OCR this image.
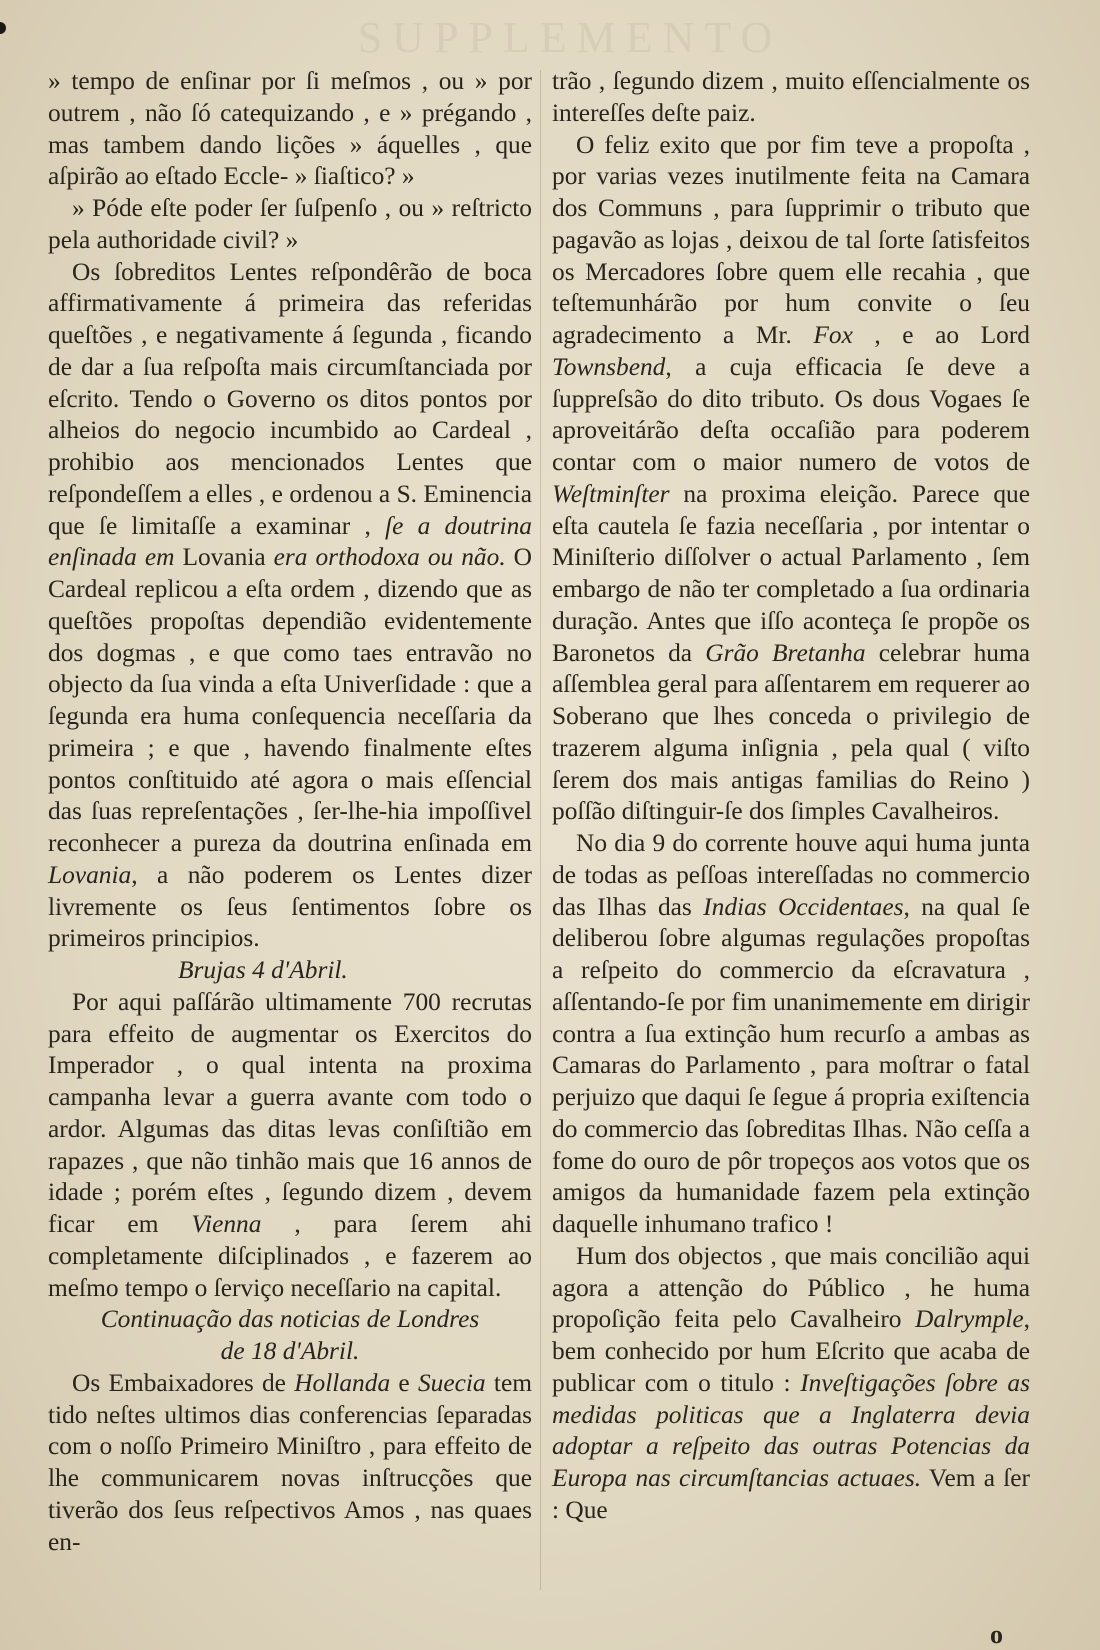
SUPPLEMENTO

» tempo de enſinar por ſi meſmos , ou » por outrem , não ſó catequizando , e » prégando , mas tambem dando lições » áquelles , que aſpirão ao eſtado Eccle- » ſiaſtico? »

» Póde eſte poder ſer ſuſpenſo , ou » reſtricto pela authoridade civil? »

Os ſobreditos Lentes reſpondêrão de boca affirmativamente á primeira das referidas queſtões , e negativamente á ſegunda , ficando de dar a ſua reſpoſta mais circumſtanciada por eſcrito. Tendo o Governo os ditos pontos por alheios do negocio incumbido ao Cardeal , prohibio aos mencionados Lentes que reſpondeſſem a elles , e ordenou a S. Eminencia que ſe limitaſſe a examinar , ſe a doutrina enſinada em Lovania era orthodoxa ou não. O Cardeal replicou a eſta ordem , dizendo que as queſtões propoſtas dependião evidentemente dos dogmas , e que como taes entravão no objecto da ſua vinda a eſta Univerſidade : que a ſegunda era huma conſequencia neceſſaria da primeira ; e que , havendo finalmente eſtes pontos conſtituido até agora o mais eſſencial das ſuas repreſentações , ſer-lhe-hia impoſſivel reconhecer a pureza da doutrina enſinada em Lovania, a não poderem os Lentes dizer livremente os ſeus ſentimentos ſobre os primeiros principios.

Brujas 4 d'Abril.

Por aqui paſſárão ultimamente 700 recrutas para effeito de augmentar os Exercitos do Imperador , o qual intenta na proxima campanha levar a guerra avante com todo o ardor. Algumas das ditas levas conſiſtião em rapazes , que não tinhão mais que 16 annos de idade ; porém eſtes , ſegundo dizem , devem ficar em Vienna , para ſerem ahi completamente diſciplinados , e fazerem ao meſmo tempo o ſerviço neceſſario na capital.

Continuação das noticias de Londres

de 18 d'Abril.

Os Embaixadores de Hollanda e Suecia tem tido neſtes ultimos dias conferencias ſeparadas com o noſſo Primeiro Miniſtro , para effeito de lhe communicarem novas inſtrucções que tiverão dos ſeus reſpectivos Amos , nas quaes en-

trão , ſegundo dizem , muito eſſencialmente os intereſſes deſte paiz.

O feliz exito que por fim teve a propoſta , por varias vezes inutilmente feita na Camara dos Communs , para ſupprimir o tributo que pagavão as lojas , deixou de tal ſorte ſatisfeitos os Mercadores ſobre quem elle recahia , que teſtemunhárão por hum convite o ſeu agradecimento a Mr. Fox , e ao Lord Townsbend, a cuja efficacia ſe deve a ſuppreſsão do dito tributo. Os dous Vogaes ſe aproveitárão deſta occaſião para poderem contar com o maior numero de votos de Weſtminſter na proxima eleição. Parece que eſta cautela ſe fazia neceſſaria , por intentar o Miniſterio diſſolver o actual Parlamento , ſem embargo de não ter completado a ſua ordinaria duração. Antes que iſſo aconteça ſe propõe os Baronetos da Grão Bretanha celebrar huma aſſemblea geral para aſſentarem em requerer ao Soberano que lhes conceda o privilegio de trazerem alguma inſignia , pela qual ( viſto ſerem dos mais antigas familias do Reino ) poſſão diſtinguir-ſe dos ſimples Cavalheiros.

No dia 9 do corrente houve aqui huma junta de todas as peſſoas intereſſadas no commercio das Ilhas das Indias Occidentaes, na qual ſe deliberou ſobre algumas regulações propoſtas a reſpeito do commercio da eſcravatura , aſſentando-ſe por fim unanimemente em dirigir contra a ſua extinção hum recurſo a ambas as Camaras do Parlamento , para moſtrar o fatal perjuizo que daqui ſe ſegue á propria exiſtencia do commercio das ſobreditas Ilhas. Não ceſſa a fome do ouro de pôr tropeços aos votos que os amigos da humanidade fazem pela extinção daquelle inhumano trafico !

Hum dos objectos , que mais concilião aqui agora a attenção do Público , he huma propoſição feita pelo Cavalheiro Dalrymple, bem conhecido por hum Eſcrito que acaba de publicar com o titulo : Inveſtigações ſobre as medidas politicas que a Inglaterra devia adoptar a reſpeito das outras Potencias da Europa nas circumſtancias actuaes. Vem a ſer : Que

o
